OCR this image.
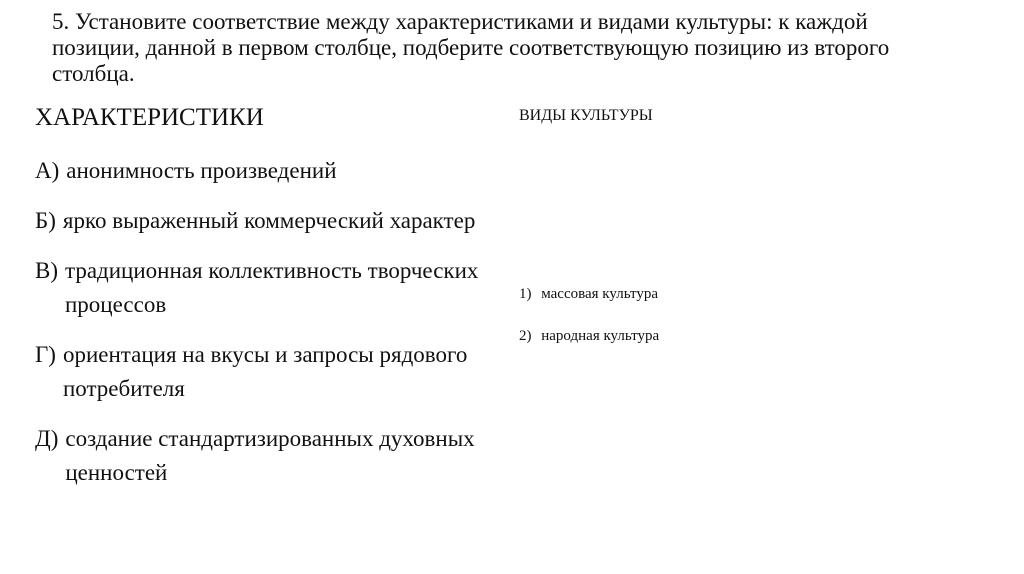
5. Установите соответствие между характеристиками и видами культуры: к каждой позиции, данной в первом столбце, подберите соответствующую позицию из второго столбца.

ХАРАКТЕРИСТИКИ
А) анонимность произведений
Б) ярко выраженный коммерческий характер
В) традиционная коллективность творческих процессов
Г) ориентация на вкусы и запросы рядового потребителя
Д) создание стандартизированных духовных ценностей
ВИДЫ КУЛЬТУРЫ
1) массовая культура
2) народная культура
